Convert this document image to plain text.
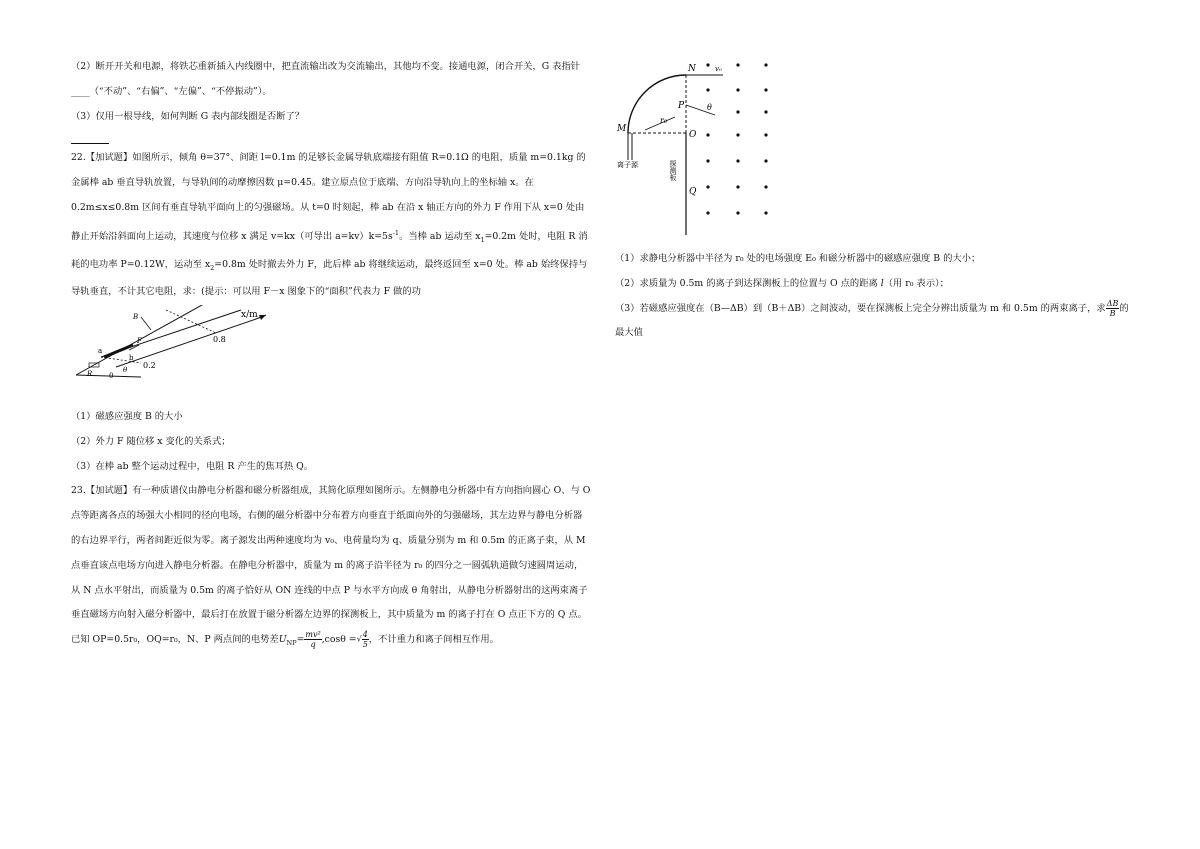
（2）断开开关和电源，将铁芯重新插入内线圈中，把直流输出改为交流输出，其他均不变。接通电源，闭合开关，G 表指针____（“不动”、“右偏”、“左偏”、“不停振动”）。

（3）仅用一根导线，如何判断 G 表内部线圈是否断了？

22.【加试题】如图所示，倾角 θ=37°、间距 l=0.1m 的足够长金属导轨底端接有阻值 R=0.1Ω 的电阻，质量 m=0.1kg 的金属棒 ab 垂直导轨放置，与导轨间的动摩擦因数 μ=0.45。建立原点位于底端、方向沿导轨向上的坐标轴 x。在 0.2m≤x≤0.8m 区间有垂直导轨平面向上的匀强磁场。从 t=0 时刻起，棒 ab 在沿 x 轴正方向的外力 F 作用下从 x=0 处由静止开始沿斜面向上运动，其速度与位移 x 满足 v=kx（可导出 $a=kv)k=5s^{-1}$。当棒 ab 运动至 $x_1=0.2m$ 处时，电阻 R 消耗的电功率 P=0.12W，运动至 $x_2=0.8m$ 处时撤去外力 F，此后棒 ab 将继续运动，最终返回至 x=0 处。棒 ab 始终保持与导轨垂直，不计其它电阻，求：(提示：可以用 F－x 图象下的“面积”代表力 F 做的功

x/m
0.8
0.2
a
b
F
B
R 0
θ

（1）磁感应强度 B 的大小

（2）外力 F 随位移 x 变化的关系式；

（3）在棒 ab 整个运动过程中，电阻 R 产生的焦耳热 Q。

23.【加试题】有一种质谱仪由静电分析器和磁分析器组成，其简化原理如图所示。左侧静电分析器中有方向指向圆心 O、与 O 点等距离各点的场强大小相同的径向电场，右侧的磁分析器中分布着方向垂直于纸面向外的匀强磁场，其左边界与静电分析器的右边界平行，两者间距近似为零。离子源发出两种速度均为 v₀、电荷量均为 q、质量分别为 m 和 0.5m 的正离子束，从 M 点垂直该点电场方向进入静电分析器。在静电分析器中，质量为 m 的离子沿半径为 r₀ 的四分之一圆弧轨道做匀速圆周运动，从 N 点水平射出，而质量为 0.5m 的离子恰好从 ON 连线的中点 P 与水平方向成 θ 角射出，从静电分析器射出的这两束离子垂直磁场方向射入磁分析器中，最后打在放置于磁分析器左边界的探测板上，其中质量为 m 的离子打在 O 点正下方的 Q 点。已知 OP=0.5r₀，OQ=r₀，N、P 两点间的电势差$U_{NP}= \frac{\text{mv²}}{q} ,\cos\theta$ =√ $\frac{4}{5}$ ，不计重力和离子间相互作用。

N	v₀
P	θ
r₀
M
O
Q
离子源	探测板

（1）求静电分析器中半径为 r₀ 处的电场强度 E₀ 和磁分析器中的磁感应强度 B 的大小；

（2）求质量为 0.5m 的离子到达探测板上的位置与 O 点的距离 l（用 r₀ 表示）；

（3）若磁感应强度在（B—ΔB）到（B＋ΔB）之间波动，要在探测板上完全分辨出质量为 m 和 0.5m 的两束离子，求 $\frac{\Delta B}{B}$ 的最大值
